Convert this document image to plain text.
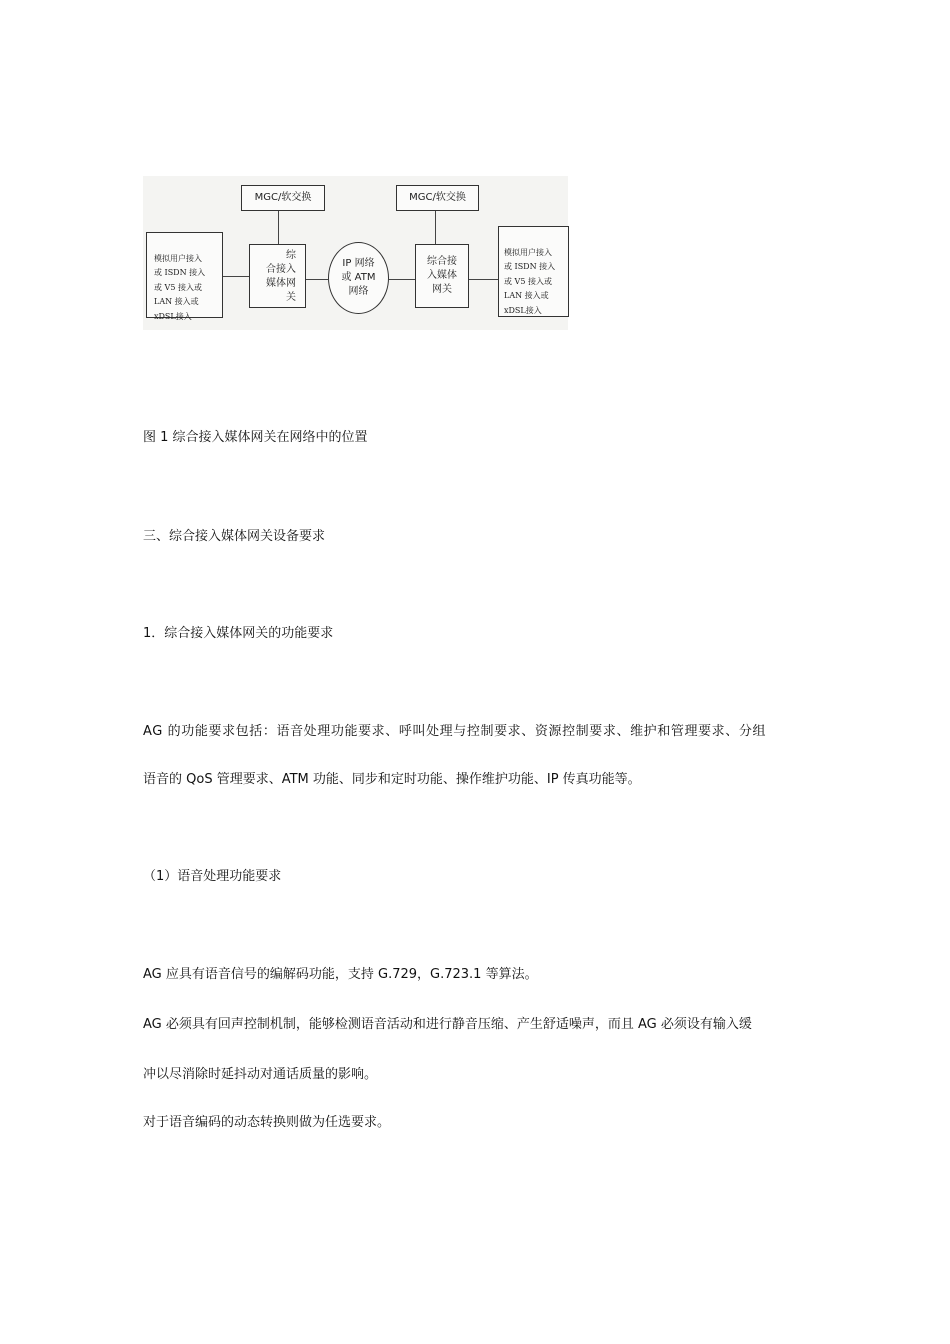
MGC/软交换	MGC/软交换

模拟用户接入
或 ISDN 接入
或 V5 接入或
LAN 接入或
xDSL接入

综
合接入
媒体网
关
IP 网络
或 ATM
网络
综合接
入媒体
网关

模拟用户接入
或 ISDN 接入
或 V5 接入或
LAN 接入或
xDSL接入

图 1 综合接入媒体网关在网络中的位置
三、综合接入媒体网关设备要求
1．综合接入媒体网关的功能要求
AG 的功能要求包括：语音处理功能要求、呼叫处理与控制要求、资源控制要求、维护和管理要求、分组
语音的 QoS 管理要求、ATM 功能、同步和定时功能、操作维护功能、IP 传真功能等。
（1）语音处理功能要求
AG 应具有语音信号的编解码功能，支持 G.729，G.723.1 等算法。
AG 必须具有回声控制机制，能够检测语音活动和进行静音压缩、产生舒适噪声，而且 AG 必须设有输入缓
冲以尽消除时延抖动对通话质量的影响。
对于语音编码的动态转换则做为任选要求。
